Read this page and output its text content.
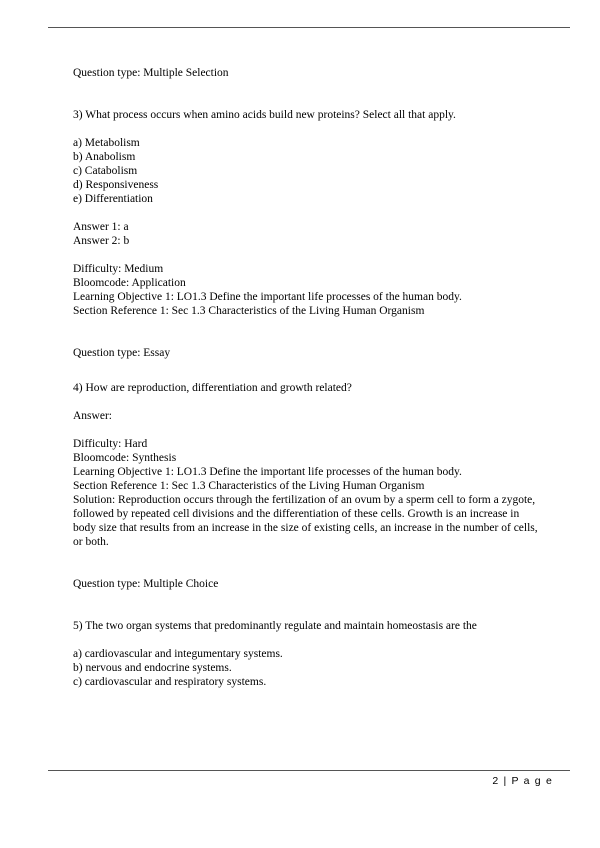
Question type: Multiple Selection
3) What process occurs when amino acids build new proteins? Select all that apply.
a) Metabolism
b) Anabolism
c) Catabolism
d) Responsiveness
e) Differentiation
Answer 1: a
Answer 2: b
Difficulty: Medium
Bloomcode: Application
Learning Objective 1: LO1.3 Define the important life processes of the human body.
Section Reference 1: Sec 1.3 Characteristics of the Living Human Organism
Question type: Essay
4) How are reproduction, differentiation and growth related?
Answer:
Difficulty: Hard
Bloomcode: Synthesis
Learning Objective 1: LO1.3 Define the important life processes of the human body.
Section Reference 1: Sec 1.3 Characteristics of the Living Human Organism
Solution: Reproduction occurs through the fertilization of an ovum by a sperm cell to form a zygote, followed by repeated cell divisions and the differentiation of these cells. Growth is an increase in body size that results from an increase in the size of existing cells, an increase in the number of cells, or both.
Question type: Multiple Choice
5) The two organ systems that predominantly regulate and maintain homeostasis are the
a) cardiovascular and integumentary systems.
b) nervous and endocrine systems.
c) cardiovascular and respiratory systems.
2 | P a g e
